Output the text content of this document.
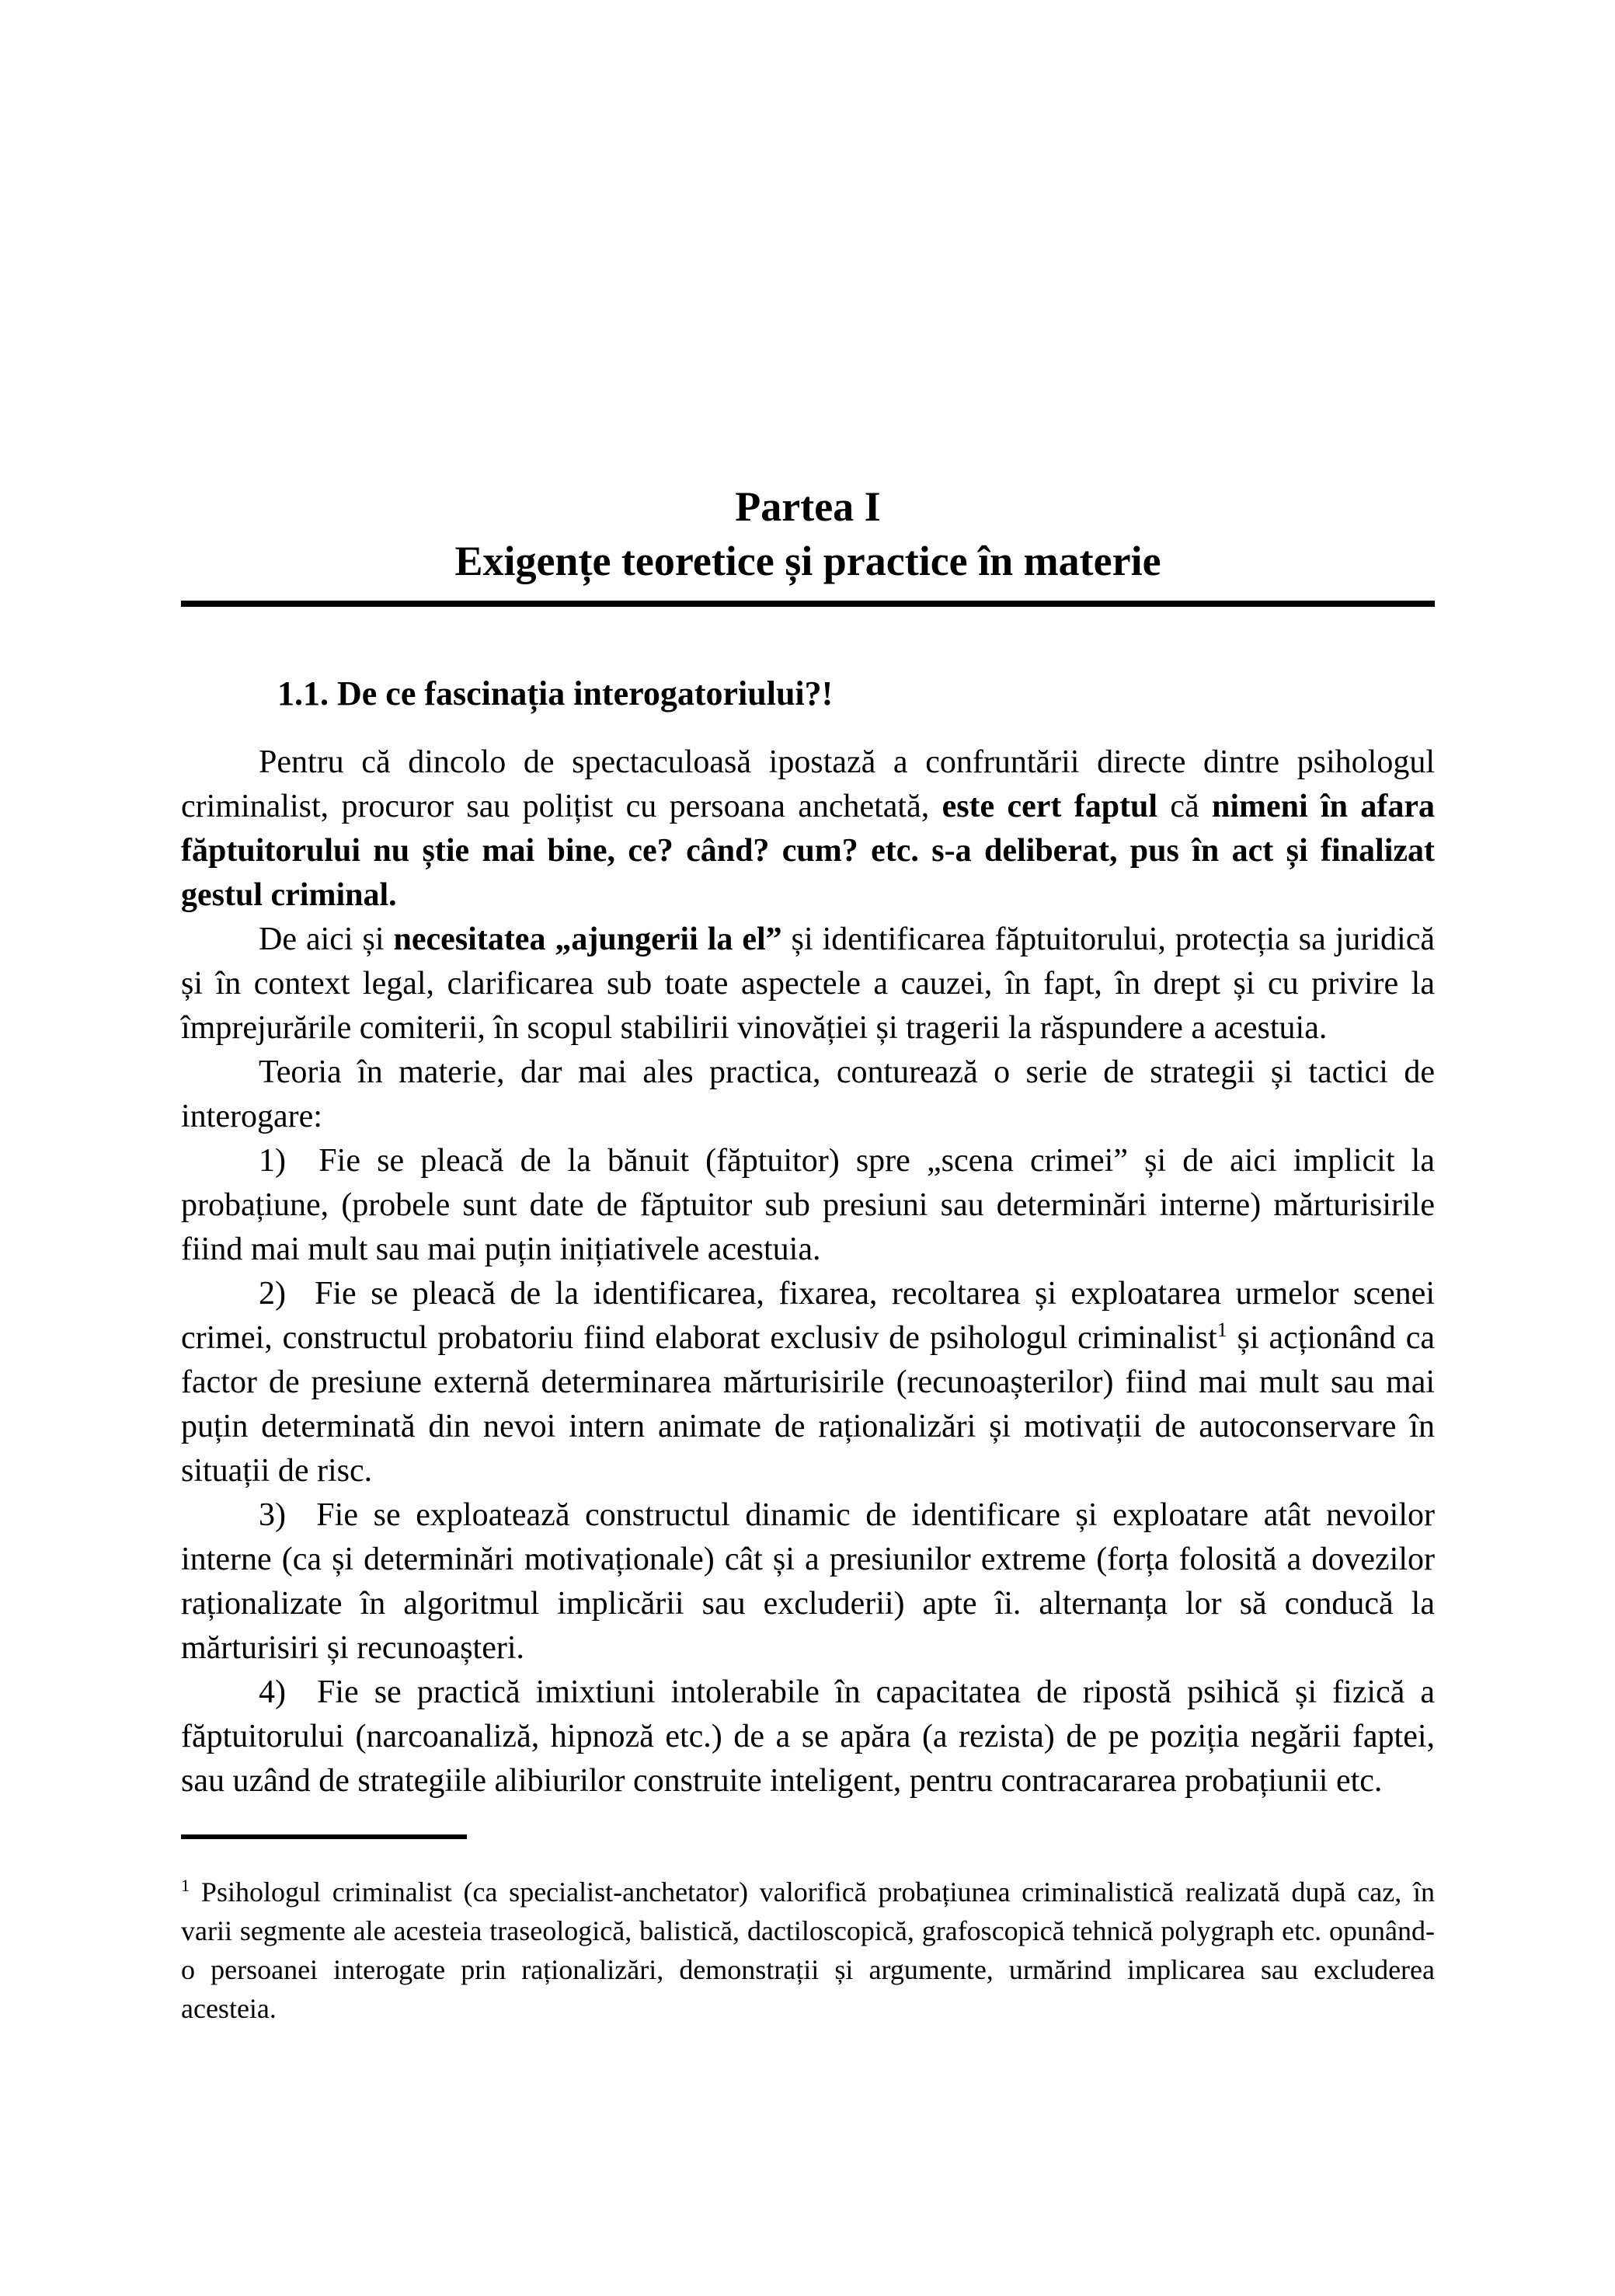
Partea I
Exigențe teoretice și practice în materie
1.1. De ce fascinația interogatoriului?!

Pentru că dincolo de spectaculoasă ipostază a confruntării directe dintre psihologul criminalist, procuror sau polițist cu persoana anchetată, este cert faptul că nimeni în afara făptuitorului nu știe mai bine, ce? când? cum? etc. s-a deliberat, pus în act și finalizat gestul criminal.

De aici și necesitatea „ajungerii la el” și identificarea făptuitorului, protecția sa juridică și în context legal, clarificarea sub toate aspectele a cauzei, în fapt, în drept și cu privire la împrejurările comiterii, în scopul stabilirii vinovăției și tragerii la răspundere a acestuia.

Teoria în materie, dar mai ales practica, conturează o serie de strategii și tactici de interogare:

1)  Fie se pleacă de la bănuit (făptuitor) spre „scena crimei” și de aici implicit la probațiune, (probele sunt date de făptuitor sub presiuni sau determinări interne) mărturisirile fiind mai mult sau mai puțin inițiativele acestuia.

2)  Fie se pleacă de la identificarea, fixarea, recoltarea și exploatarea urmelor scenei crimei, constructul probatoriu fiind elaborat exclusiv de psihologul criminalist$^1$ și acționând ca factor de presiune externă determinarea mărturisirile (recunoașterilor) fiind mai mult sau mai puțin determinată din nevoi intern animate de raționalizări și motivații de autoconservare în situații de risc.

3)  Fie se exploatează constructul dinamic de identificare și exploatare atât nevoilor interne (ca și determinări motivaționale) cât și a presiunilor extreme (forța folosită a dovezilor raționalizate în algoritmul implicării sau excluderii) apte îi. alternanța lor să conducă la mărturisiri și recunoașteri.

4)  Fie se practică imixtiuni intolerabile în capacitatea de ripostă psihică și fizică a făptuitorului (narcoanaliză, hipnoză etc.) de a se apăra (a rezista) de pe poziția negării faptei, sau uzând de strategiile alibiurilor construite inteligent, pentru contracararea probațiunii etc.

$^1$ Psihologul criminalist (ca specialist-anchetator) valorifică probațiunea criminalistică realizată după caz, în varii segmente ale acesteia traseologică, balistică, dactiloscopică, grafoscopică tehnică polygraph etc. opunând-o persoanei interogate prin raționalizări, demonstrații și argumente, urmărind implicarea sau excluderea acesteia.
